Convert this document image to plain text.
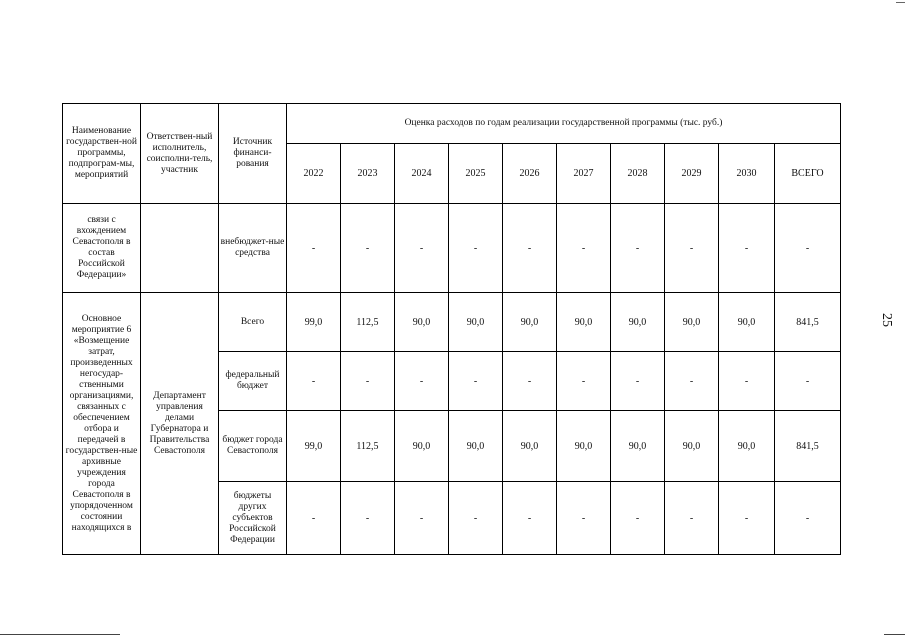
Наименование государствен-ной программы, подпрограм-мы, мероприятий	Ответствен-ный исполнитель, соисполни-тель, участник	Источник финанси-рования	Оценка расходов по годам реализации государственной программы (тыс. руб.)									
			2022	2023	2024	2025	2026	2027	2028	2029	2030	ВСЕГО
связи с вхождением Севастополя в состав Российской Федерации»		внебюджет-ные средства	-	-	-	-	-	-	-	-	-	-
Основное мероприятие 6 «Возмещение затрат, произведенных негосудар-ственными организациями, связанных с обеспечением отбора и передачей в государствен-ные архивные учреждения города Севастополя в упорядоченном состоянии находящихся в	Департамент управления делами Губернатора и Правительства Севастополя	Всего	99,0	112,5	90,0	90,0	90,0	90,0	90,0	90,0	90,0	841,5
		федеральный бюджет	-	-	-	-	-	-	-	-	-	-
		бюджет города Севастополя	99,0	112,5	90,0	90,0	90,0	90,0	90,0	90,0	90,0	841,5
		бюджеты других субъектов Российской Федерации	-	-	-	-	-	-	-	-	-	-
25
